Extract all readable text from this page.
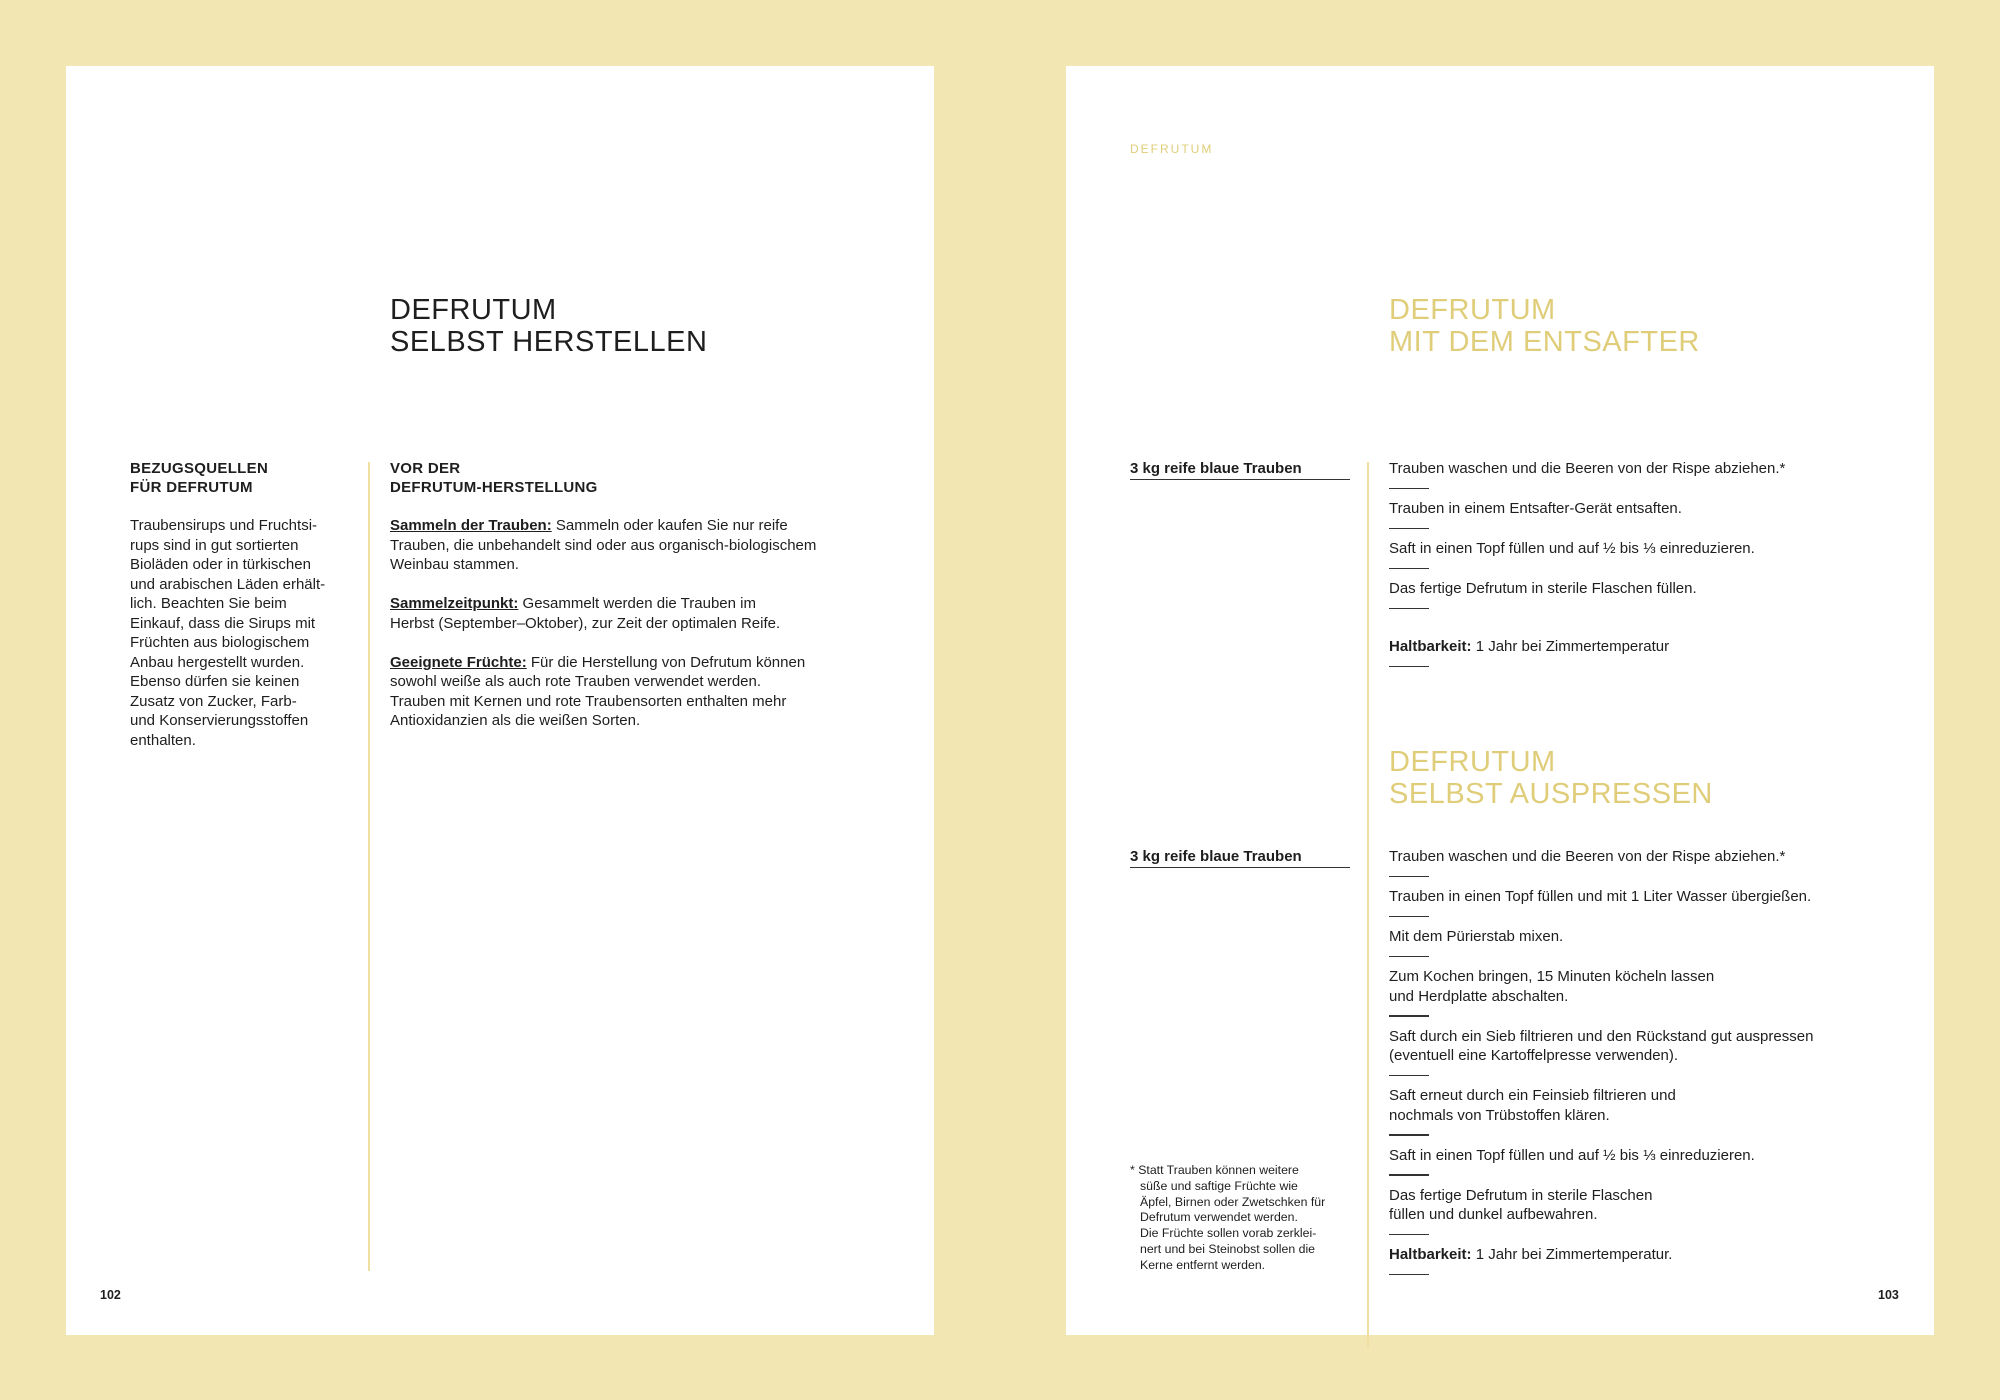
DEFRUTUM
SELBST HERSTELLEN

BEZUGSQUELLEN
FÜR DEFRUTUM

Traubensirups und Fruchtsi-
rups sind in gut sortierten
Bioläden oder in türkischen
und arabischen Läden erhält-
lich. Beachten Sie beim
Einkauf, dass die Sirups mit
Früchten aus biologischem
Anbau hergestellt wurden.
Ebenso dürfen sie keinen
Zusatz von Zucker, Farb-
und Konservierungsstoffen
enthalten.

VOR DER
DEFRUTUM-HERSTELLUNG

Sammeln der Trauben: Sammeln oder kaufen Sie nur reife
Trauben, die unbehandelt sind oder aus organisch-biologischem
Weinbau stammen.

Sammelzeitpunkt: Gesammelt werden die Trauben im
Herbst (September–Oktober), zur Zeit der optimalen Reife.

Geeignete Früchte: Für die Herstellung von Defrutum können
sowohl weiße als auch rote Trauben verwendet werden.
Trauben mit Kernen und rote Traubensorten enthalten mehr
Antioxidanzien als die weißen Sorten.

102
DEFRUTUM
DEFRUTUM
MIT DEM ENTSAFTER
3 kg reife blaue Trauben	Trauben waschen und die Beeren von der Rispe abziehen.*
Trauben in einem Entsafter-Gerät entsaften.
Saft in einen Topf füllen und auf ½ bis ⅓ einreduzieren.
Das fertige Defrutum in sterile Flaschen füllen.
Haltbarkeit: 1 Jahr bei Zimmertemperatur
DEFRUTUM
SELBST AUSPRESSEN
3 kg reife blaue Trauben	Trauben waschen und die Beeren von der Rispe abziehen.*
Trauben in einen Topf füllen und mit 1 Liter Wasser übergießen.
Mit dem Pürierstab mixen.
Zum Kochen bringen, 15 Minuten köcheln lassen
und Herdplatte abschalten.
Saft durch ein Sieb filtrieren und den Rückstand gut auspressen
(eventuell eine Kartoffelpresse verwenden).
Saft erneut durch ein Feinsieb filtrieren und
nochmals von Trübstoffen klären.
Saft in einen Topf füllen und auf ½ bis ⅓ einreduzieren.
Das fertige Defrutum in sterile Flaschen
füllen und dunkel aufbewahren.
Haltbarkeit: 1 Jahr bei Zimmertemperatur.
* Statt Trauben können weitere
süße und saftige Früchte wie
Äpfel, Birnen oder Zwetschken für
Defrutum verwendet werden.
Die Früchte sollen vorab zerklei-
nert und bei Steinobst sollen die
Kerne entfernt werden.
103
